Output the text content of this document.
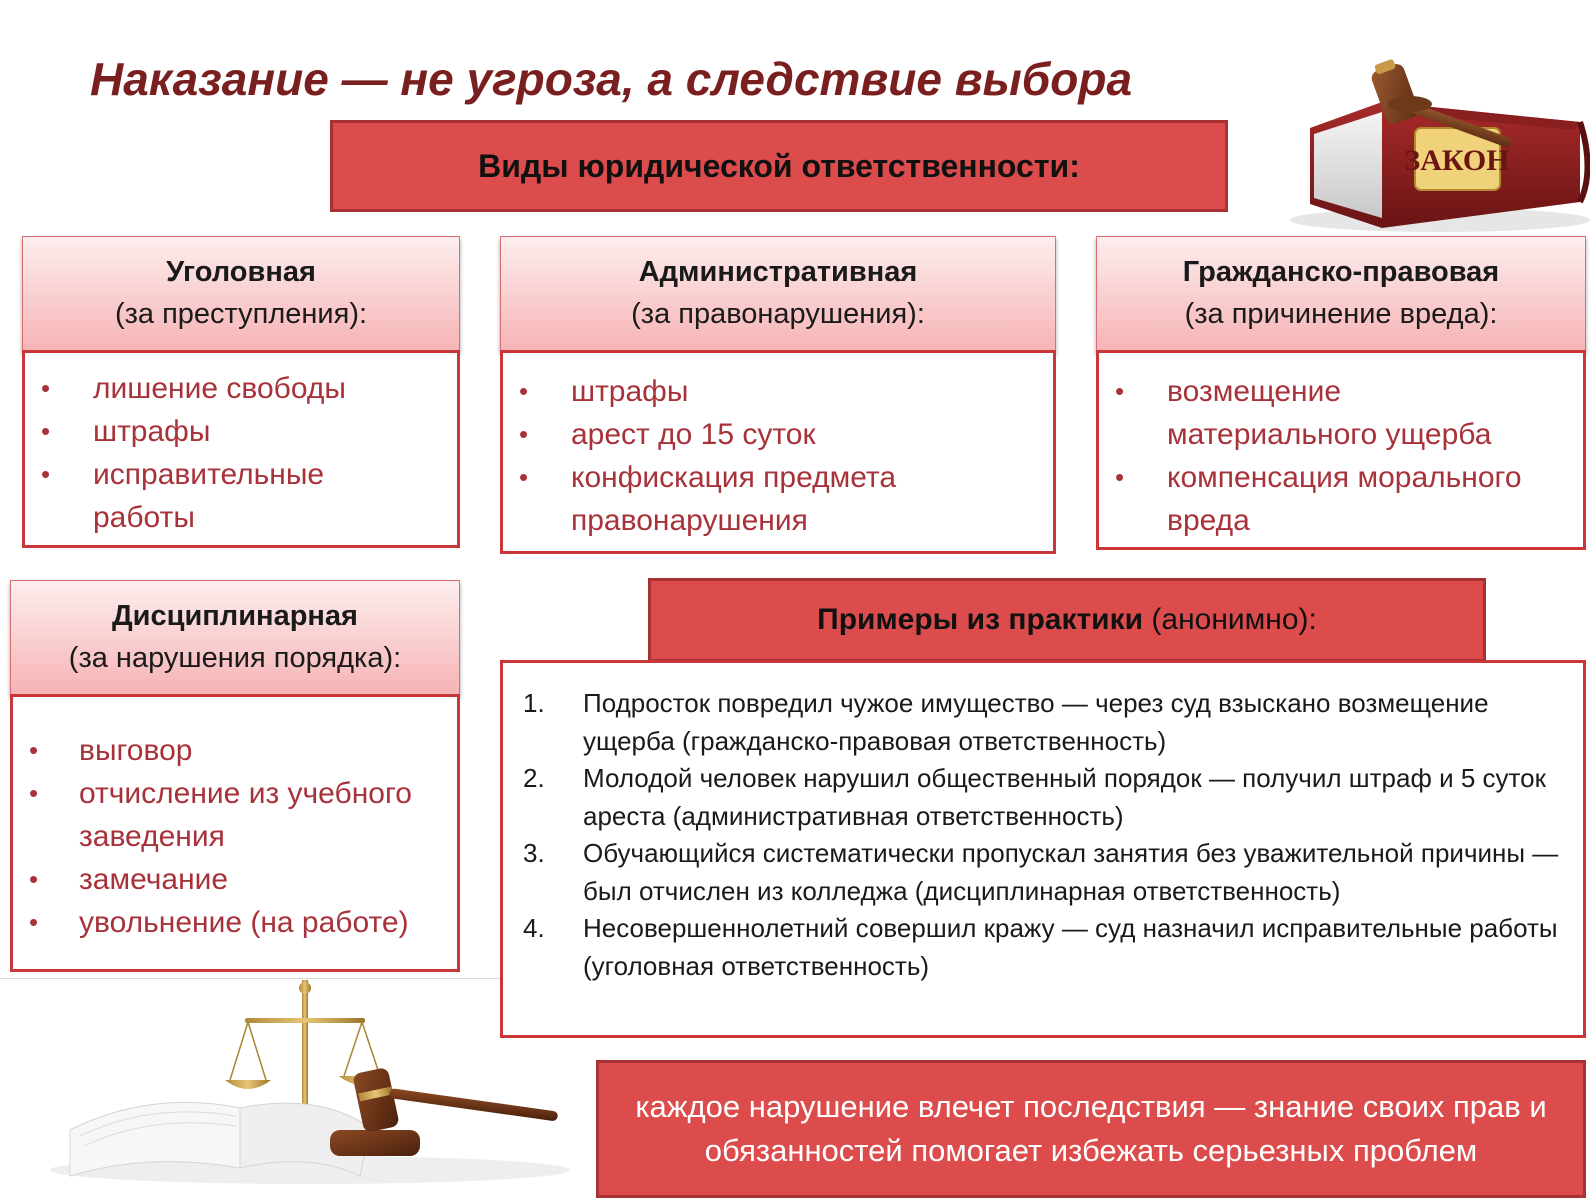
Наказание — не угроза, а следствие выбора
ЗАКОН
Виды юридической ответственности:
Уголовная
(за преступления):
• лишение свободы
• штрафы
• исправительные работы
Административная
(за правонарушения):
• штрафы
• арест до 15 суток
• конфискация предмета правонарушения
Гражданско-правовая
(за причинение вреда):
• возмещение материального ущерба
• компенсация морального вреда
Дисциплинарная
(за нарушения порядка):
• выговор
• отчисление из учебного заведения
• замечание
• увольнение (на работе)
Примеры из практики (анонимно):
1. Подросток повредил чужое имущество — через суд взыскано возмещение ущерба (гражданско-правовая ответственность)
2. Молодой человек нарушил общественный порядок — получил штраф и 5 суток ареста (административная ответственность)
3. Обучающийся систематически пропускал занятия без уважительной причины — был отчислен из колледжа (дисциплинарная ответственность)
4. Несовершеннолетний совершил кражу — суд назначил исправительные работы (уголовная ответственность)
каждое нарушение влечет последствия — знание своих прав и обязанностей помогает избежать серьезных проблем
